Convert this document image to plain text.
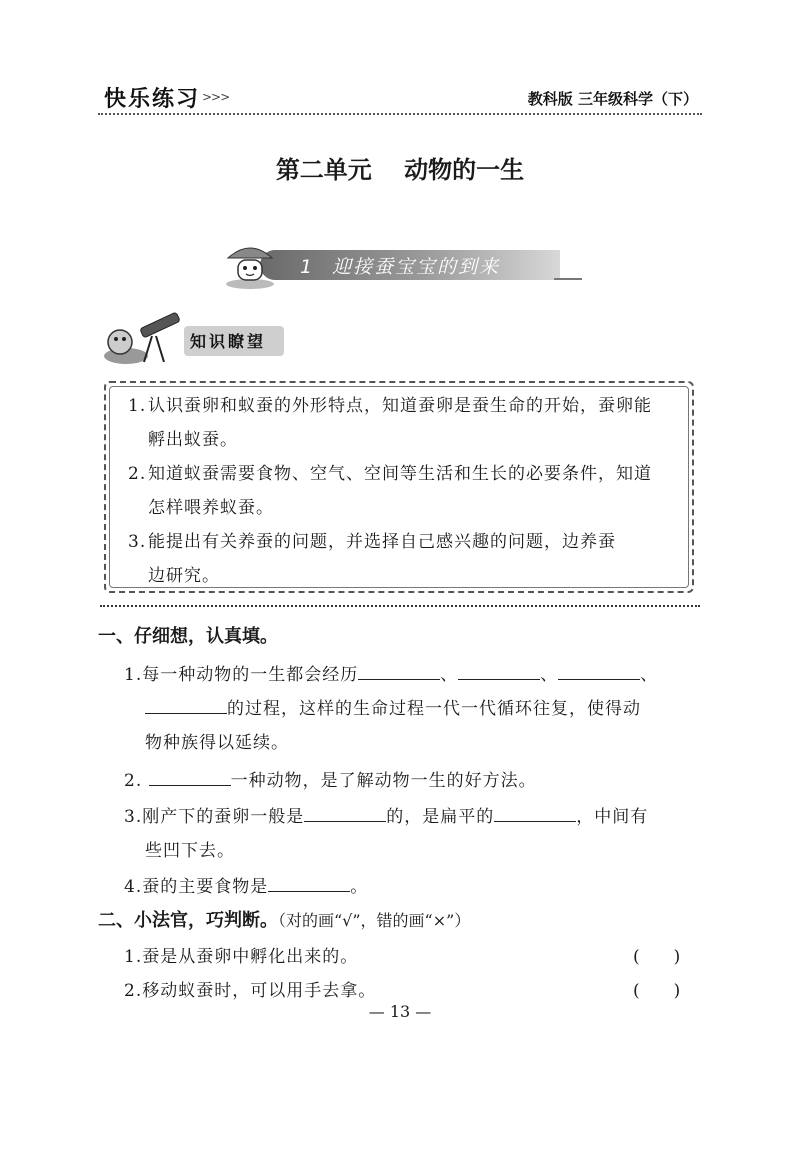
快乐练习 >>>	教科版 三年级科学（下）
第二单元 动物的一生
1 迎接蚕宝宝的到来
知识瞭望
1. 认识蚕卵和蚁蚕的外形特点，知道蚕卵是蚕生命的开始，蚕卵能
孵出蚁蚕。
2. 知道蚁蚕需要食物、空气、空间等生活和生长的必要条件，知道
怎样喂养蚁蚕。
3. 能提出有关养蚕的问题，并选择自己感兴趣的问题，边养蚕
边研究。
一、仔细想，认真填。
1.每一种动物的一生都会经历	、	、	、
的过程，这样的生命过程一代一代循环往复，使得动
物种族得以延续。
2.	一种动物，是了解动物一生的好方法。
3.刚产下的蚕卵一般是	的，是扁平的	，中间有
些凹下去。
4.蚕的主要食物是	。
二、小法官，巧判断。（对的画“√”，错的画“×”）
1.蚕是从蚕卵中孵化出来的。	(　　)
2.移动蚁蚕时，可以用手去拿。	(　　)
— 13 —
